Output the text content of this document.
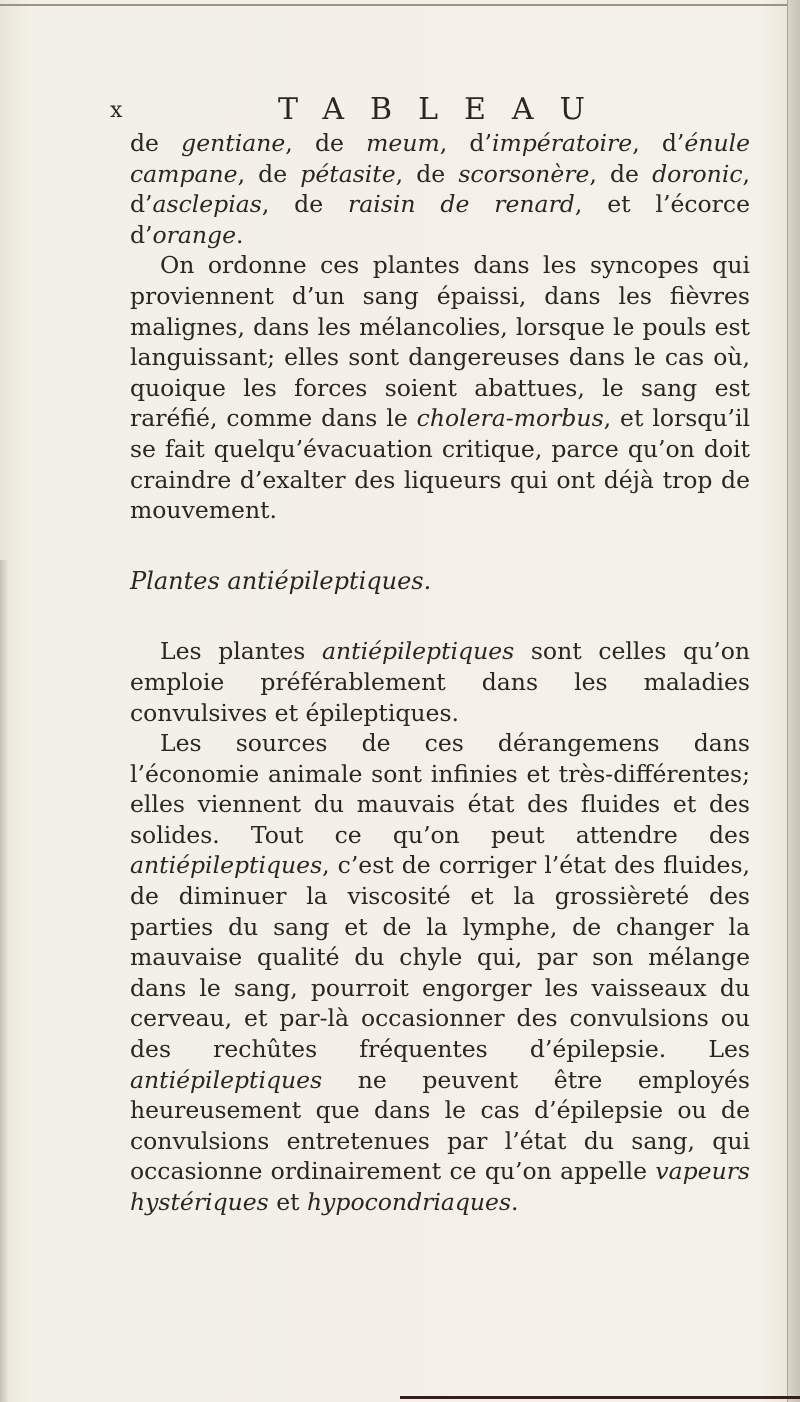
x	TABLEAU

de gentiane, de meum, d’impératoire, d’énule campane, de pétasite, de scorsonère, de doronic, d’asclepias, de raisin de renard, et l’écorce d’orange.

On ordonne ces plantes dans les syncopes qui proviennent d’un sang épaissi, dans les fièvres malignes, dans les mélancolies, lorsque le pouls est languissant; elles sont dangereuses dans le cas où, quoique les forces soient abattues, le sang est raréfié, comme dans le cholera-morbus, et lorsqu’il se fait quelqu’évacuation critique, parce qu’on doit craindre d’exalter des liqueurs qui ont déjà trop de mouvement.

Plantes antiépileptiques.

Les plantes antiépileptiques sont celles qu’on emploie préférablement dans les maladies convulsives et épileptiques.

Les sources de ces dérangemens dans l’économie animale sont infinies et très-différentes; elles viennent du mauvais état des fluides et des solides. Tout ce qu’on peut attendre des antiépileptiques, c’est de corriger l’état des fluides, de diminuer la viscosité et la grossièreté des parties du sang et de la lymphe, de changer la mauvaise qualité du chyle qui, par son mélange dans le sang, pourroit engorger les vaisseaux du cerveau, et par-là occasionner des convulsions ou des rechûtes fréquentes d’épilepsie. Les antiépileptiques ne peuvent être employés heureusement que dans le cas d’épilepsie ou de convulsions entretenues par l’état du sang, qui occasionne ordinairement ce qu’on appelle vapeurs hystériques et hypocondriaques.
